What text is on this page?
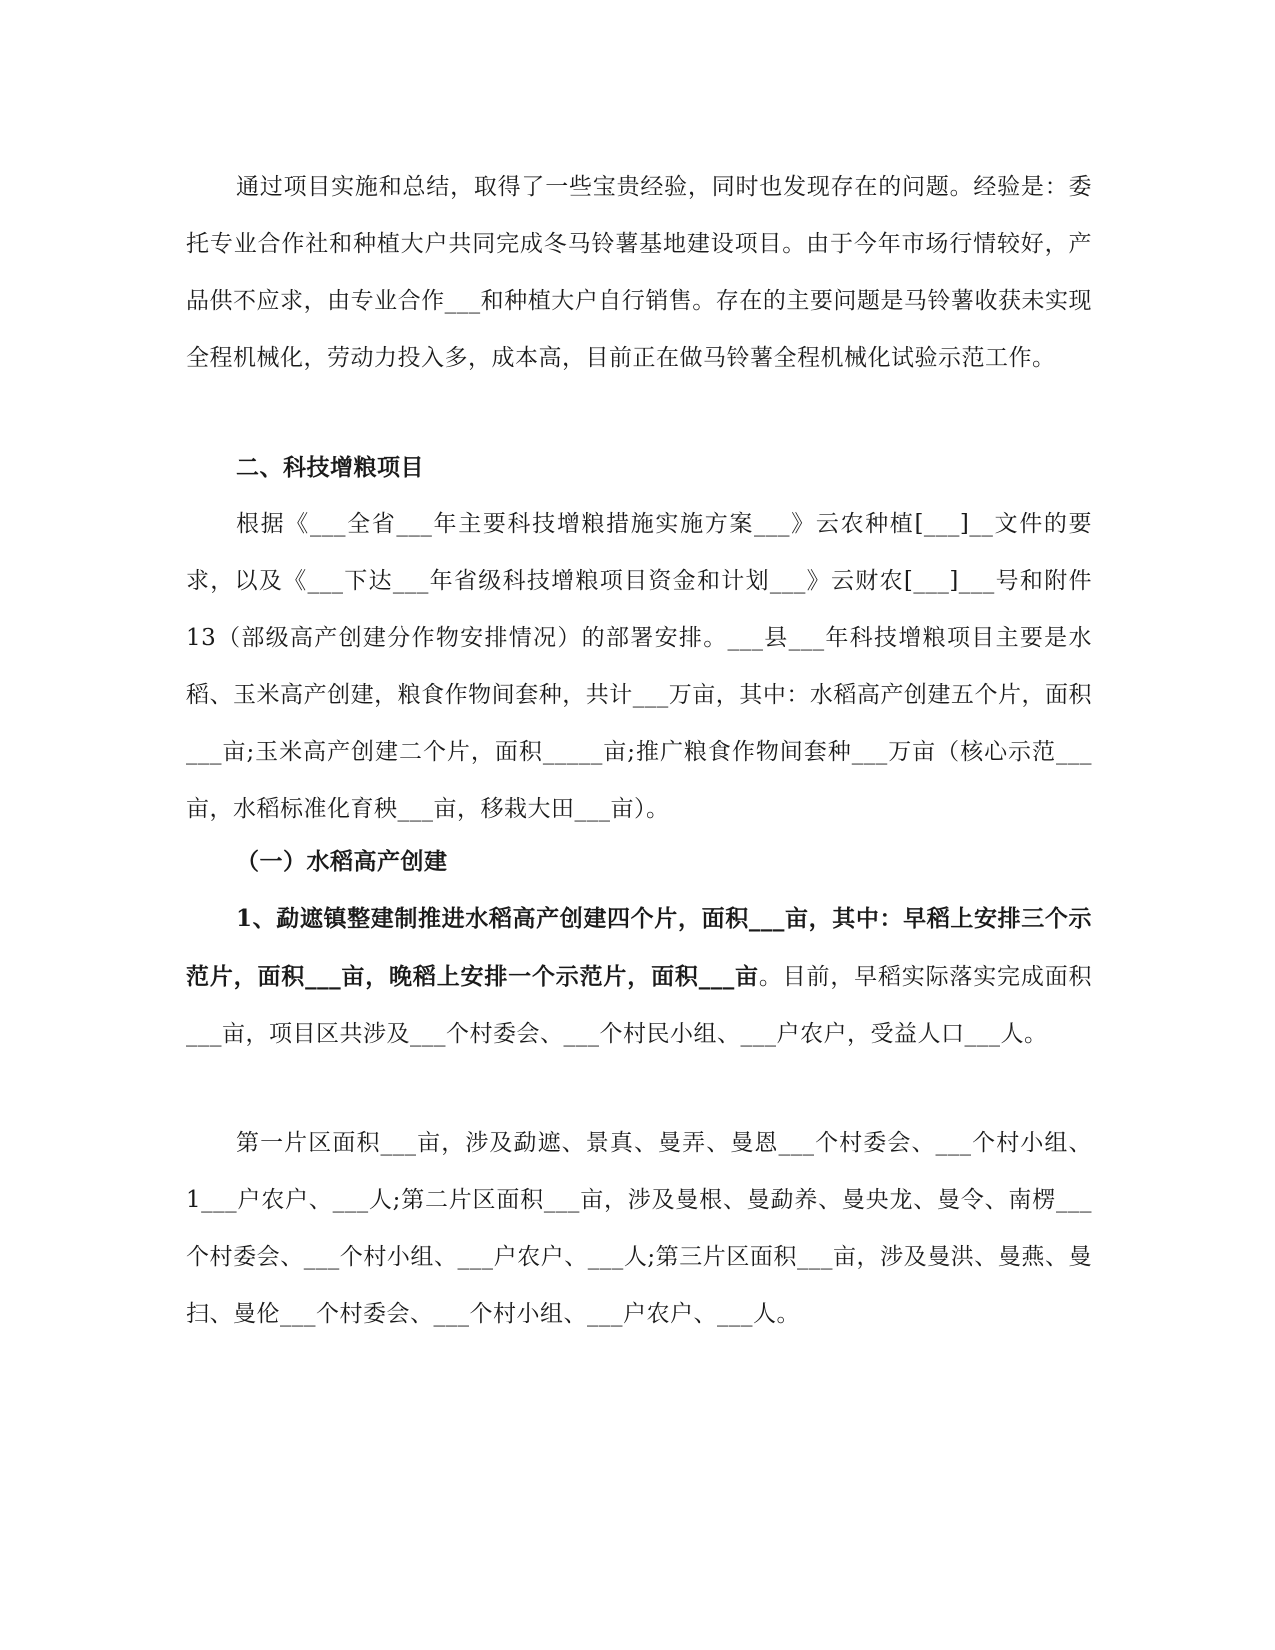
通过项目实施和总结，取得了一些宝贵经验，同时也发现存在的问题。经验是：委托专业合作社和种植大户共同完成冬马铃薯基地建设项目。由于今年市场行情较好，产品供不应求，由专业合作___和种植大户自行销售。存在的主要问题是马铃薯收获未实现全程机械化，劳动力投入多，成本高，目前正在做马铃薯全程机械化试验示范工作。

二、科技增粮项目

根据《___全省___年主要科技增粮措施实施方案___》云农种植[___]__文件的要求，以及《___下达___年省级科技增粮项目资金和计划___》云财农[___]___号和附件13（部级高产创建分作物安排情况）的部署安排。___县___年科技增粮项目主要是水稻、玉米高产创建，粮食作物间套种，共计___万亩，其中：水稻高产创建五个片，面积___亩;玉米高产创建二个片，面积_____亩;推广粮食作物间套种___万亩（核心示范___亩，水稻标准化育秧___亩，移栽大田___亩）。

（一）水稻高产创建

1、勐遮镇整建制推进水稻高产创建四个片，面积___亩，其中：早稻上安排三个示范片，面积___亩，晚稻上安排一个示范片，面积___亩。目前，早稻实际落实完成面积___亩，项目区共涉及___个村委会、___个村民小组、___户农户，受益人口___人。

第一片区面积___亩，涉及勐遮、景真、曼弄、曼恩___个村委会、___个村小组、1___户农户、___人;第二片区面积___亩，涉及曼根、曼勐养、曼央龙、曼令、南楞___个村委会、___个村小组、___户农户、___人;第三片区面积___亩，涉及曼洪、曼燕、曼扫、曼伦___个村委会、___个村小组、___户农户、___人。
